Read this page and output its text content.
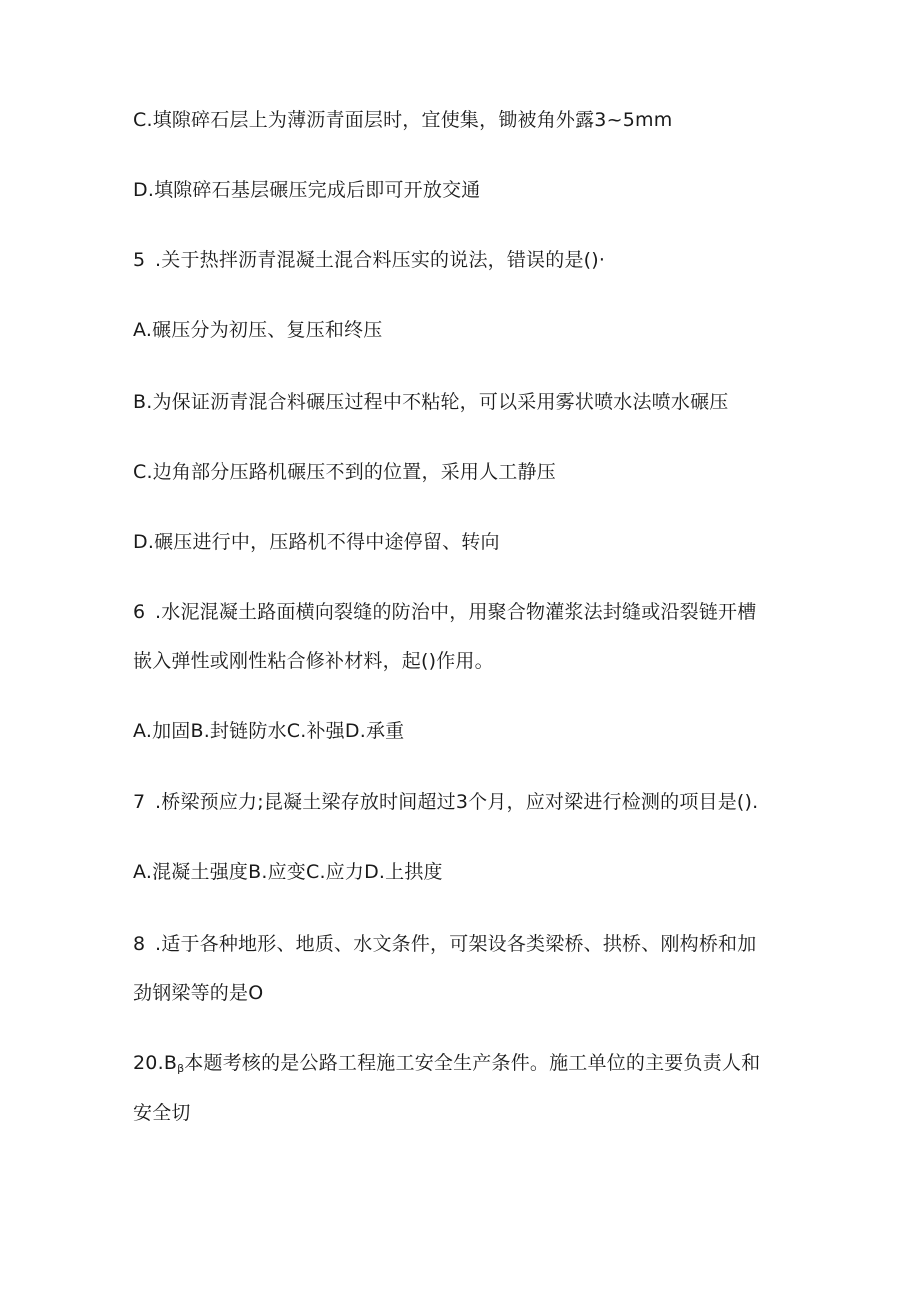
C.填隙碎石层上为薄沥青面层时，宜使集，锄被角外露3~5mm
D.填隙碎石基层碾压完成后即可开放交通
5 .关于热拌沥青混凝土混合料压实的说法，错误的是()·
A.碾压分为初压、复压和终压
B.为保证沥青混合料碾压过程中不粘轮，可以采用雾状喷水法喷水碾压
C.边角部分压路机碾压不到的位置，采用人工静压
D.碾压进行中，压路机不得中途停留、转向
6 .水泥混凝土路面横向裂缝的防治中，用聚合物灌浆法封缝或沿裂链开槽
嵌入弹性或刚性粘合修补材料，起()作用。
A.加固B.封链防水C.补强D.承重
7 .桥梁预应力;昆凝土梁存放时间超过3个月，应对梁进行检测的项目是().
A.混凝土强度B.应变C.应力D.上拱度
8 .适于各种地形、地质、水文条件，可架设各类梁桥、拱桥、刚构桥和加
劲钢梁等的是O
$20.B_\beta$本题考核的是公路工程施工安全生产条件。施工单位的主要负责人和
安全切
